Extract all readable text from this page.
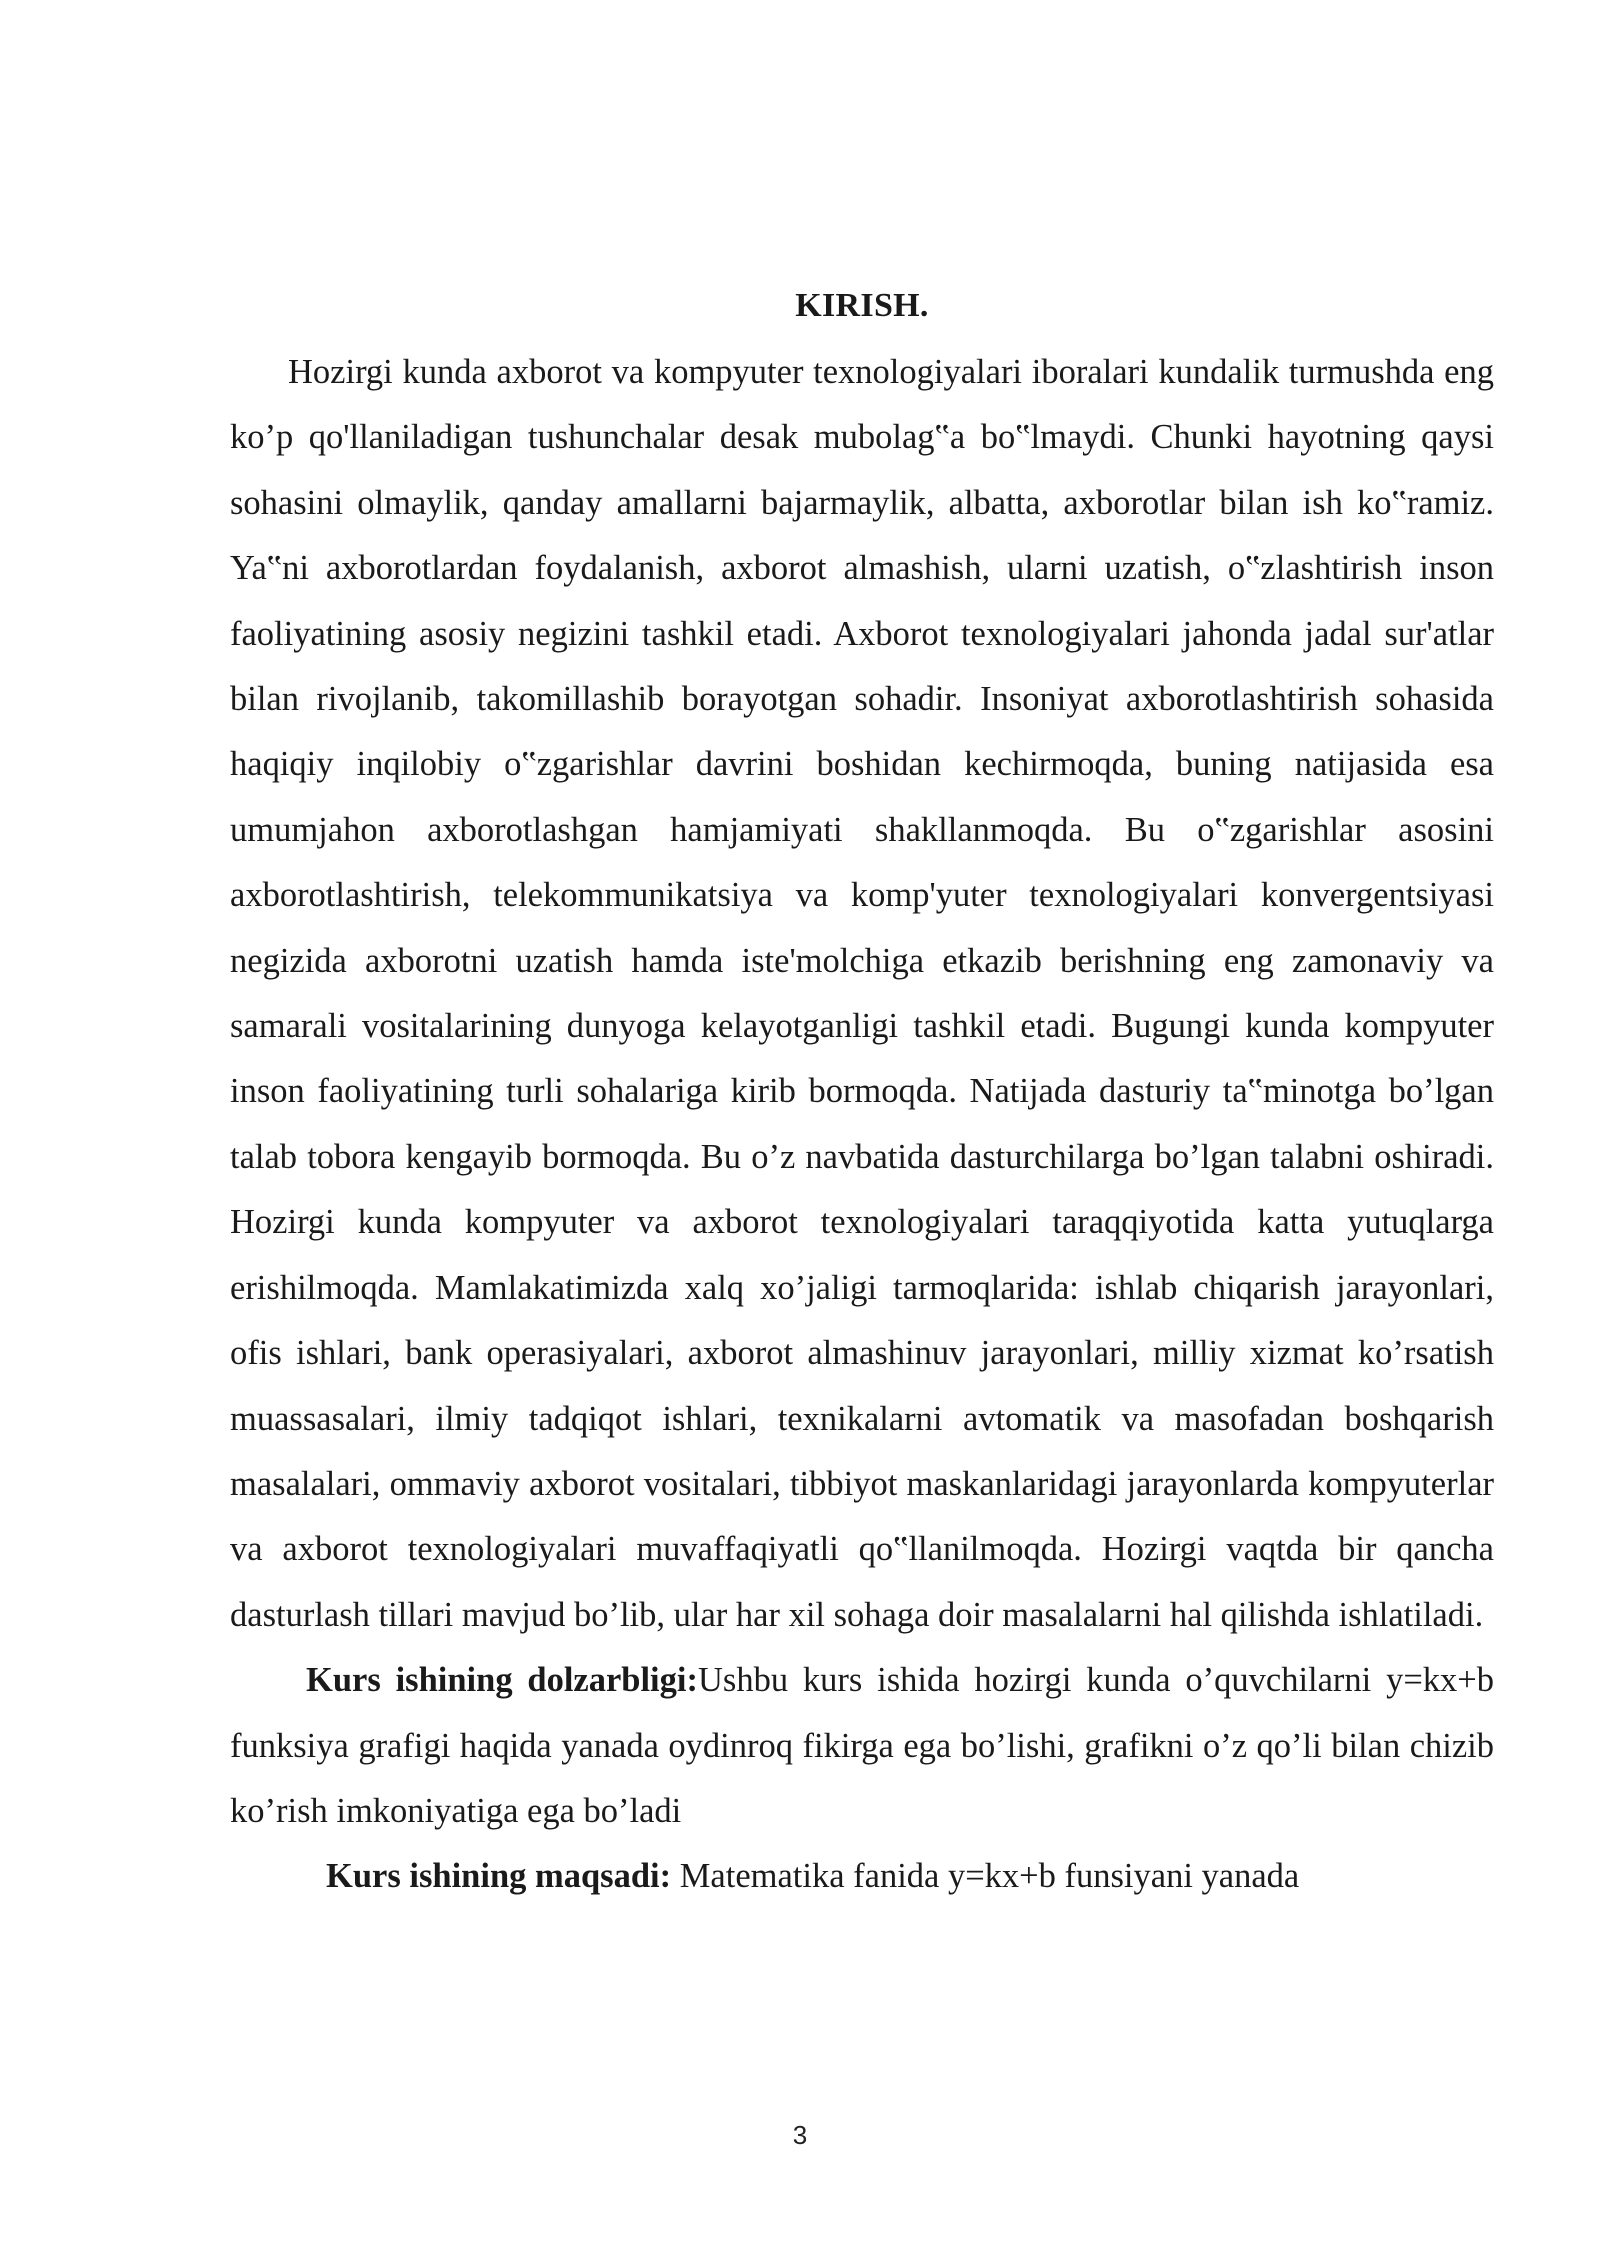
KIRISH.

Hozirgi kunda axborot va kompyuter texnologiyalari iboralari kundalik turmushda eng ko’p qo'llaniladigan tushunchalar desak mubolag‟a bo‟lmaydi. Chunki hayotning qaysi sohasini olmaylik, qanday amallarni bajarmaylik, albatta, axborotlar bilan ish ko‟ramiz. Ya‟ni axborotlardan foydalanish, axborot almashish, ularni uzatish, o‟zlashtirish inson faoliyatining asosiy negizini tashkil etadi. Axborot texnologiyalari jahonda jadal sur'atlar bilan rivojlanib, takomillashib borayotgan sohadir. Insoniyat axborotlashtirish sohasida haqiqiy inqilobiy o‟zgarishlar davrini boshidan kechirmoqda, buning natijasida esa umumjahon axborotlashgan hamjamiyati shakllanmoqda. Bu o‟zgarishlar asosini axborotlashtirish, telekommunikatsiya va komp'yuter texnologiyalari konvergentsiyasi negizida axborotni uzatish hamda iste'molchiga etkazib berishning eng zamonaviy va samarali vositalarining dunyoga kelayotganligi tashkil etadi. Bugungi kunda kompyuter inson faoliyatining turli sohalariga kirib bormoqda. Natijada dasturiy ta‟minotga bo’lgan talab tobora kengayib bormoqda. Bu o’z navbatida dasturchilarga bo’lgan talabni oshiradi. Hozirgi kunda kompyuter va axborot texnologiyalari taraqqiyotida katta yutuqlarga erishilmoqda. Mamlakatimizda xalq xo’jaligi tarmoqlarida: ishlab chiqarish jarayonlari, ofis ishlari, bank operasiyalari, axborot almashinuv jarayonlari, milliy xizmat ko’rsatish muassasalari, ilmiy tadqiqot ishlari, texnikalarni avtomatik va masofadan boshqarish masalalari, ommaviy axborot vositalari, tibbiyot maskanlaridagi jarayonlarda kompyuterlar va axborot texnologiyalari muvaffaqiyatli qo‟llanilmoqda. Hozirgi vaqtda bir qancha dasturlash tillari mavjud bo’lib, ular har xil sohaga doir masalalarni hal qilishda ishlatiladi.

Kurs ishining dolzarbligi:Ushbu kurs ishida hozirgi kunda o’quvchilarni y=kx+b funksiya grafigi haqida yanada oydinroq fikirga ega bo’lishi, grafikni o’z qo’li bilan chizib ko’rish imkoniyatiga ega bo’ladi

Kurs ishining maqsadi: Matematika fanida y=kx+b funsiyani yanada

3
